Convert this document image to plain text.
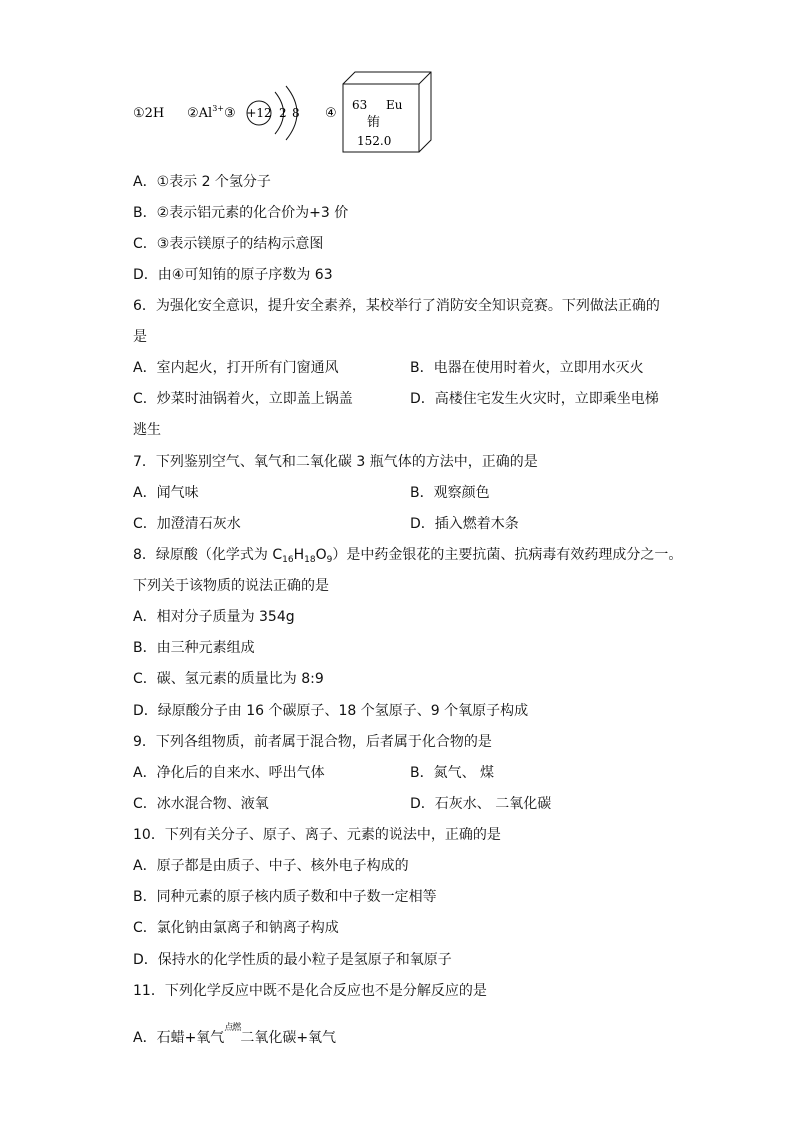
①2H $②Al^{3+}③ +12$ 2 8 ④
63 Eu
铕
152.0
A．①表示 2 个氢分子
B．②表示铝元素的化合价为+3 价
C．③表示镁原子的结构示意图
D．由④可知铕的原子序数为 63
6．为强化安全意识，提升安全素养，某校举行了消防安全知识竞赛。下列做法正确的
是
A．室内起火，打开所有门窗通风	B．电器在使用时着火，立即用水灭火
C．炒菜时油锅着火，立即盖上锅盖	D．高楼住宅发生火灾时，立即乘坐电梯
逃生
7．下列鉴别空气、氧气和二氧化碳 3 瓶气体的方法中，正确的是
A．闻气味	B．观察颜色
C．加澄清石灰水	D．插入燃着木条
8．绿原酸（化学式为 $C_{16}H_{18}O_9$）是中药金银花的主要抗菌、抗病毒有效药理成分之一。
下列关于该物质的说法正确的是
A．相对分子质量为 354g
B．由三种元素组成
C．碳、氢元素的质量比为 8:9
D．绿原酸分子由 16 个碳原子、18 个氢原子、9 个氧原子构成
9．下列各组物质，前者属于混合物，后者属于化合物的是
A．净化后的自来水、呼出气体	B．氮气、 煤
C．冰水混合物、液氧	D．石灰水、 二氧化碳
10．下列有关分子、原子、离子、元素的说法中，正确的是
A．原子都是由质子、中子、核外电子构成的
B．同种元素的原子核内质子数和中子数一定相等
C．氯化钠由氯离子和钠离子构成
D．保持水的化学性质的最小粒子是氢原子和氧原子
11．下列化学反应中既不是化合反应也不是分解反应的是
A．石蜡+氧气$^{点燃}$二氧化碳+氧气
